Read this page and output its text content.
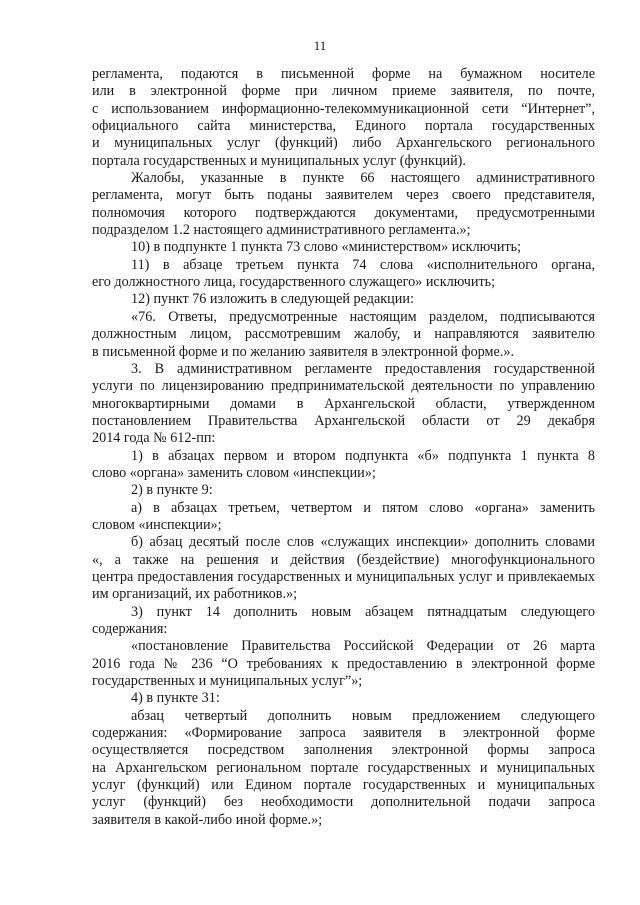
11
регламента, подаются в письменной форме на бумажном носителе
или в электронной форме при личном приеме заявителя, по почте,
с использованием информационно-телекоммуникационной сети “Интернет”,
официального сайта министерства, Единого портала государственных
и муниципальных услуг (функций) либо Архангельского регионального
портала государственных и муниципальных услуг (функций).
Жалобы, указанные в пункте 66 настоящего административного
регламента, могут быть поданы заявителем через своего представителя,
полномочия которого подтверждаются документами, предусмотренными
подразделом 1.2 настоящего административного регламента.»;
10) в подпункте 1 пункта 73 слово «министерством» исключить;
11) в абзаце третьем пункта 74 слова «исполнительного органа,
его должностного лица, государственного служащего» исключить;
12) пункт 76 изложить в следующей редакции:
«76. Ответы, предусмотренные настоящим разделом, подписываются
должностным лицом, рассмотревшим жалобу, и направляются заявителю
в письменной форме и по желанию заявителя в электронной форме.».
3. В административном регламенте предоставления государственной
услуги по лицензированию предпринимательской деятельности по управлению
многоквартирными домами в Архангельской области, утвержденном
постановлением Правительства Архангельской области от 29 декабря
2014 года № 612-пп:
1) в абзацах первом и втором подпункта «б» подпункта 1 пункта 8
слово «органа» заменить словом «инспекции»;
2) в пункте 9:
а) в абзацах третьем, четвертом и пятом слово «органа» заменить
словом «инспекции»;
б) абзац десятый после слов «служащих инспекции» дополнить словами
«, а также на решения и действия (бездействие) многофункционального
центра предоставления государственных и муниципальных услуг и привлекаемых
им организаций, их работников.»;
3) пункт 14 дополнить новым абзацем пятнадцатым следующего
содержания:
«постановление Правительства Российской Федерации от 26 марта
2016 года № 236 “О требованиях к предоставлению в электронной форме
государственных и муниципальных услуг”»;
4) в пункте 31:
абзац четвертый дополнить новым предложением следующего
содержания: «Формирование запроса заявителя в электронной форме
осуществляется посредством заполнения электронной формы запроса
на Архангельском региональном портале государственных и муниципальных
услуг (функций) или Едином портале государственных и муниципальных
услуг (функций) без необходимости дополнительной подачи запроса
заявителя в какой-либо иной форме.»;
